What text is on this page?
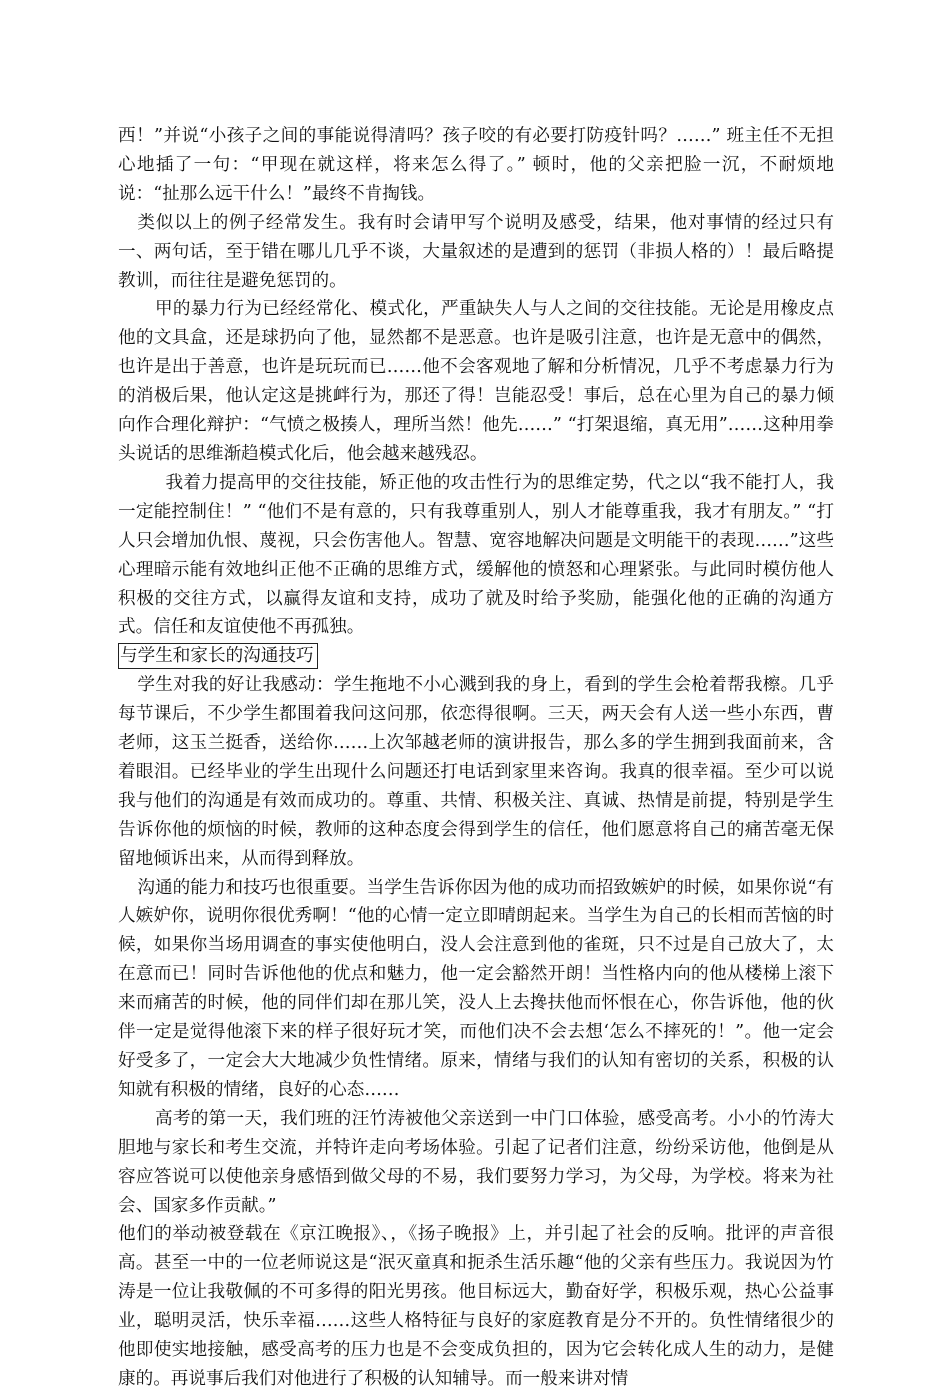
西！”并说“小孩子之间的事能说得清吗？孩子咬的有必要打防疫针吗？……” 班主任不无担心地插了一句：“甲现在就这样，将来怎么得了。” 顿时，他的父亲把脸一沉，不耐烦地说：“扯那么远干什么！”最终不肯掏钱。

类似以上的例子经常发生。我有时会请甲写个说明及感受，结果，他对事情的经过只有一、两句话，至于错在哪儿几乎不谈，大量叙述的是遭到的惩罚（非损人格的）！最后略提教训，而往往是避免惩罚的。

甲的暴力行为已经经常化、模式化，严重缺失人与人之间的交往技能。无论是用橡皮点他的文具盒，还是球扔向了他，显然都不是恶意。也许是吸引注意，也许是无意中的偶然，也许是出于善意，也许是玩玩而已……他不会客观地了解和分析情况，几乎不考虑暴力行为的消极后果，他认定这是挑衅行为，那还了得！岂能忍受！事后，总在心里为自己的暴力倾向作合理化辩护：“气愤之极揍人，理所当然！他先……” “打架退缩，真无用”……这种用拳头说话的思维渐趋模式化后，他会越来越残忍。

我着力提高甲的交往技能，矫正他的攻击性行为的思维定势，代之以“我不能打人，我一定能控制住！” “他们不是有意的，只有我尊重别人，别人才能尊重我，我才有朋友。” “打人只会增加仇恨、蔑视，只会伤害他人。智慧、宽容地解决问题是文明能干的表现……”这些心理暗示能有效地纠正他不正确的思维方式，缓解他的愤怒和心理紧张。与此同时模仿他人积极的交往方式，以赢得友谊和支持，成功了就及时给予奖励，能强化他的正确的沟通方式。信任和友谊使他不再孤独。

与学生和家长的沟通技巧

学生对我的好让我感动：学生拖地不小心溅到我的身上，看到的学生会枪着帮我檫。几乎每节课后，不少学生都围着我问这问那，依恋得很啊。三天，两天会有人送一些小东西，曹老师，这玉兰挺香，送给你……上次邹越老师的演讲报告，那么多的学生拥到我面前来，含着眼泪。已经毕业的学生出现什么问题还打电话到家里来咨询。我真的很幸福。至少可以说我与他们的沟通是有效而成功的。尊重、共情、积极关注、真诚、热情是前提，特别是学生告诉你他的烦恼的时候，教师的这种态度会得到学生的信任，他们愿意将自己的痛苦毫无保留地倾诉出来，从而得到释放。

沟通的能力和技巧也很重要。当学生告诉你因为他的成功而招致嫉妒的时候，如果你说“有人嫉妒你，说明你很优秀啊！“他的心情一定立即晴朗起来。当学生为自己的长相而苦恼的时候，如果你当场用调查的事实使他明白，没人会注意到他的雀斑，只不过是自己放大了，太在意而已！同时告诉他他的优点和魅力，他一定会豁然开朗！当性格内向的他从楼梯上滚下来而痛苦的时候，他的同伴们却在那儿笑，没人上去搀扶他而怀恨在心，你告诉他，他的伙伴一定是觉得他滚下来的样子很好玩才笑，而他们决不会去想‘怎么不摔死的！”。他一定会好受多了，一定会大大地减少负性情绪。原来，情绪与我们的认知有密切的关系，积极的认知就有积极的情绪，良好的心态……

高考的第一天，我们班的汪竹涛被他父亲送到一中门口体验，感受高考。小小的竹涛大胆地与家长和考生交流，并特许走向考场体验。引起了记者们注意，纷纷采访他，他倒是从容应答说可以使他亲身感悟到做父母的不易，我们要努力学习，为父母，为学校。将来为社会、国家多作贡献。”

他们的举动被登载在《京江晚报》、，《扬子晚报》上，并引起了社会的反响。批评的声音很高。甚至一中的一位老师说这是“泯灭童真和扼杀生活乐趣“他的父亲有些压力。我说因为竹涛是一位让我敬佩的不可多得的阳光男孩。他目标远大，勤奋好学，积极乐观，热心公益事业，聪明灵活，快乐幸福……这些人格特征与良好的家庭教育是分不开的。负性情绪很少的他即使实地接触，感受高考的压力也是不会变成负担的，因为它会转化成人生的动力，是健康的。再说事后我们对他进行了积极的认知辅导。而一般来讲对情
